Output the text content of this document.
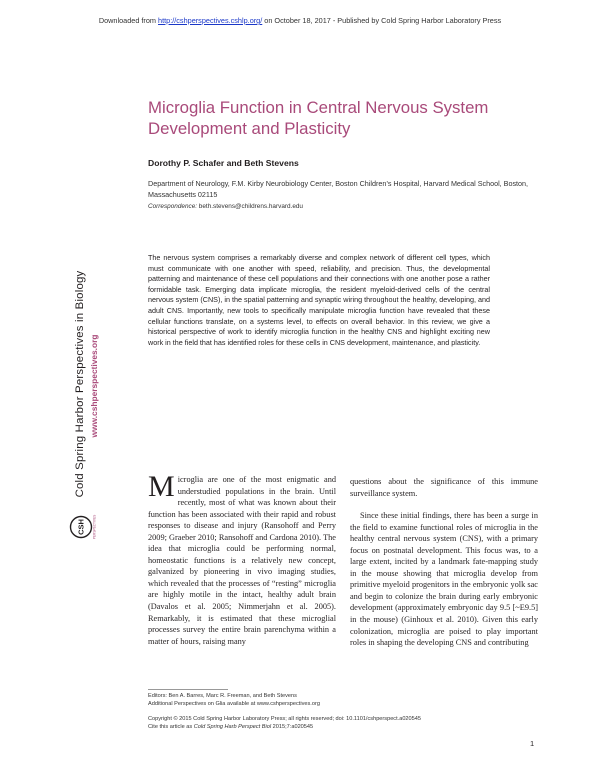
Downloaded from http://cshperspectives.cshlp.org/ on October 18, 2017 - Published by Cold Spring Harbor Laboratory Press
Microglia Function in Central Nervous System Development and Plasticity
Dorothy P. Schafer and Beth Stevens
Department of Neurology, F.M. Kirby Neurobiology Center, Boston Children’s Hospital, Harvard Medical School, Boston, Massachusetts 02115
Correspondence: beth.stevens@childrens.harvard.edu

The nervous system comprises a remarkably diverse and complex network of different cell types, which must communicate with one another with speed, reliability, and precision. Thus, the developmental patterning and maintenance of these cell populations and their connections with one another pose a rather formidable task. Emerging data implicate microglia, the resident myeloid-derived cells of the central nervous system (CNS), in the spatial patterning and synaptic wiring throughout the healthy, developing, and adult CNS. Importantly, new tools to specifically manipulate microglia function have revealed that these cellular functions translate, on a systems level, to effects on overall behavior. In this review, we give a historical perspective of work to identify microglia function in the healthy CNS and highlight exciting new work in the field that has identified roles for these cells in CNS development, maintenance, and plasticity.

Cold Spring Harbor Perspectives in Biology www.cshperspectives.org
CSH PERSPECTIVES

Microglia are one of the most enigmatic and understudied populations in the brain. Until recently, most of what was known about their function has been associated with their rapid and robust responses to disease and injury (Ransohoff and Perry 2009; Graeber 2010; Ransohoff and Cardona 2010). The idea that microglia could be performing normal, homeostatic functions is a relatively new concept, galvanized by pioneering in vivo imaging studies, which revealed that the processes of “resting” microglia are highly motile in the intact, healthy adult brain (Davalos et al. 2005; Nimmerjahn et al. 2005). Remarkably, it is estimated that these microglial processes survey the entire brain parenchyma within a matter of hours, raising many

questions about the significance of this immune surveillance system.

Since these initial findings, there has been a surge in the field to examine functional roles of microglia in the healthy central nervous system (CNS), with a primary focus on postnatal development. This focus was, to a large extent, incited by a landmark fate-mapping study in the mouse showing that microglia develop from primitive myeloid progenitors in the embryonic yolk sac and begin to colonize the brain during early embryonic development (approximately embryonic day 9.5 [~E9.5] in the mouse) (Ginhoux et al. 2010). Given this early colonization, microglia are poised to play important roles in shaping the developing CNS and contributing

Editors: Ben A. Barres, Marc R. Freeman, and Beth Stevens
Additional Perspectives on Glia available at www.cshperspectives.org
Copyright © 2015 Cold Spring Harbor Laboratory Press; all rights reserved; doi: 10.1101/cshperspect.a020545
Cite this article as Cold Spring Harb Perspect Biol 2015;7:a020545
1
